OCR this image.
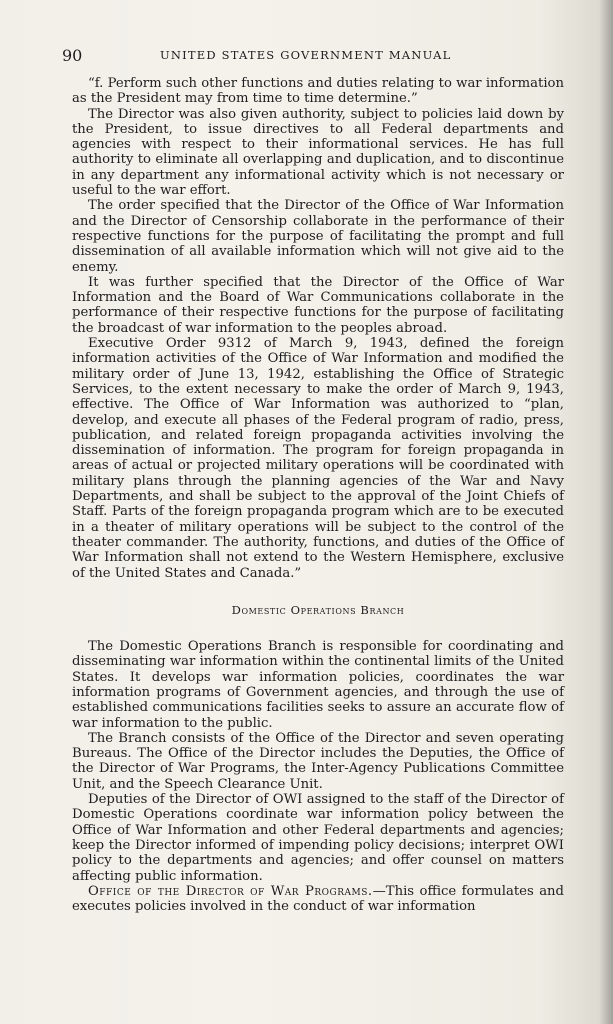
90	UNITED STATES GOVERNMENT MANUAL

“f. Perform such other functions and duties relating to war information as the President may from time to time determine.”

The Director was also given authority, subject to policies laid down by the President, to issue directives to all Federal departments and agencies with respect to their informational services. He has full authority to eliminate all overlapping and duplication, and to discontinue in any department any informational activity which is not necessary or useful to the war effort.

The order specified that the Director of the Office of War Information and the Director of Censorship collaborate in the performance of their respective functions for the purpose of facilitating the prompt and full dissemination of all available information which will not give aid to the enemy.

It was further specified that the Director of the Office of War Information and the Board of War Communications collaborate in the performance of their respective functions for the purpose of facilitating the broadcast of war information to the peoples abroad.

Executive Order 9312 of March 9, 1943, defined the foreign information activities of the Office of War Information and modified the military order of June 13, 1942, establishing the Office of Strategic Services, to the extent necessary to make the order of March 9, 1943, effective. The Office of War Information was authorized to “plan, develop, and execute all phases of the Federal program of radio, press, publication, and related foreign propaganda activities involving the dissemination of information. The program for foreign propaganda in areas of actual or projected military operations will be coordinated with military plans through the planning agencies of the War and Navy Departments, and shall be subject to the approval of the Joint Chiefs of Staff. Parts of the foreign propaganda program which are to be executed in a theater of military operations will be subject to the control of the theater commander. The authority, functions, and duties of the Office of War Information shall not extend to the Western Hemisphere, exclusive of the United States and Canada.”

Domestic Operations Branch

The Domestic Operations Branch is responsible for coordinating and disseminating war information within the continental limits of the United States. It develops war information policies, coordinates the war information programs of Government agencies, and through the use of established communications facilities seeks to assure an accurate flow of war information to the public.

The Branch consists of the Office of the Director and seven operating Bureaus. The Office of the Director includes the Deputies, the Office of the Director of War Programs, the Inter-Agency Publications Committee Unit, and the Speech Clearance Unit.

Deputies of the Director of OWI assigned to the staff of the Director of Domestic Operations coordinate war information policy between the Office of War Information and other Federal departments and agencies; keep the Director informed of impending policy decisions; interpret OWI policy to the departments and agencies; and offer counsel on matters affecting public information.

Office of the Director of War Programs.—This office formulates and executes policies involved in the conduct of war information
